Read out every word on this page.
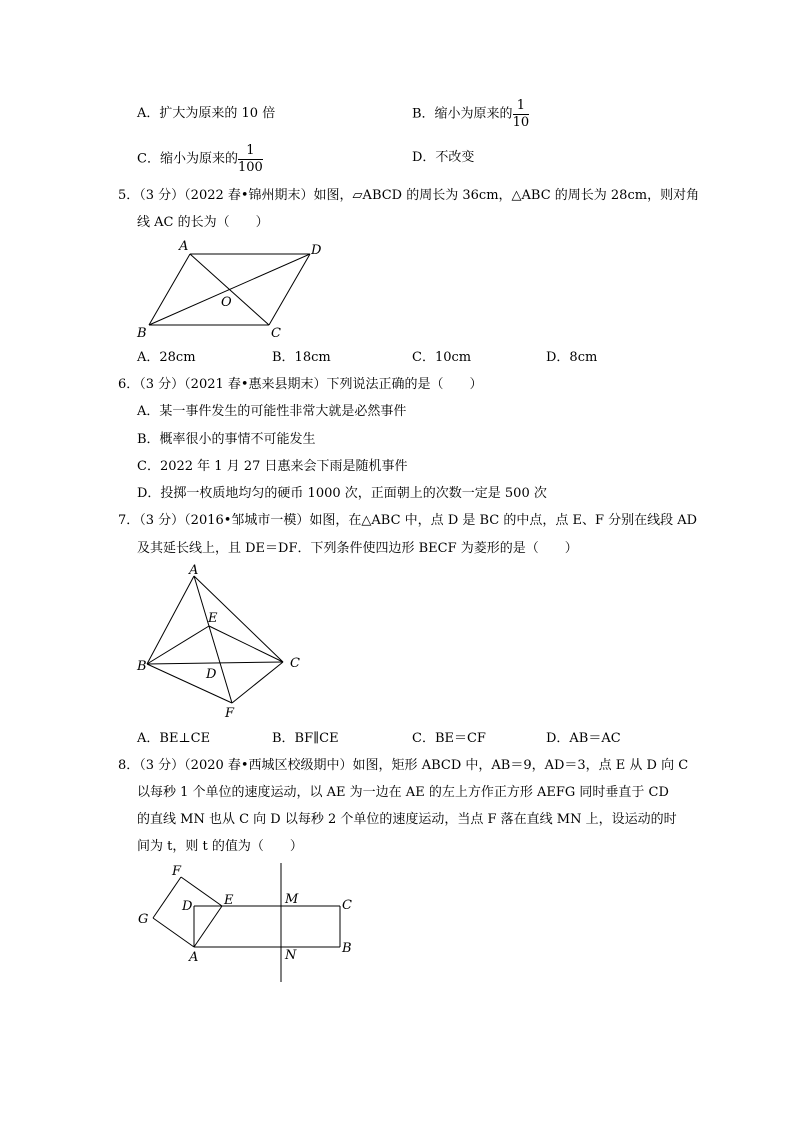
A．扩大为原来的 10 倍	B．缩小为原来的 $\frac{1}{10}$
C．缩小为原来的 $\frac{1}{100}$	D．不改变
5．（3 分）（2022 春•锦州期末）如图，▱ABCD 的周长为 36cm，△ABC 的周长为 28cm，则对角
线 AC 的长为（　　）
A	D
O
B	C
A．28cm	B．18cm	C．10cm	D．8cm
6．（3 分）（2021 春•惠来县期末）下列说法正确的是（　　）
A．某一事件发生的可能性非常大就是必然事件
B．概率很小的事情不可能发生
C．2022 年 1 月 27 日惠来会下雨是随机事件
D．投掷一枚质地均匀的硬币 1000 次，正面朝上的次数一定是 500 次
7．（3 分）（2016•邹城市一模）如图，在△ABC 中，点 D 是 BC 的中点，点 E、F 分别在线段 AD
及其延长线上，且 DE＝DF．下列条件使四边形 BECF 为菱形的是（　　）
A
E
B	C
D
F
A．BE⊥CE	B．BF∥CE	C．BE＝CF	D．AB＝AC
8．（3 分）（2020 春•西城区校级期中）如图，矩形 ABCD 中，AB＝9，AD＝3，点 E 从 D 向 C
以每秒 1 个单位的速度运动，以 AE 为一边在 AE 的左上方作正方形 AEFG 同时垂直于 CD
的直线 MN 也从 C 向 D 以每秒 2 个单位的速度运动，当点 F 落在直线 MN 上，设运动的时
间为 t，则 t 的值为（　　）
F
G
D E	M	C
B
A	N
